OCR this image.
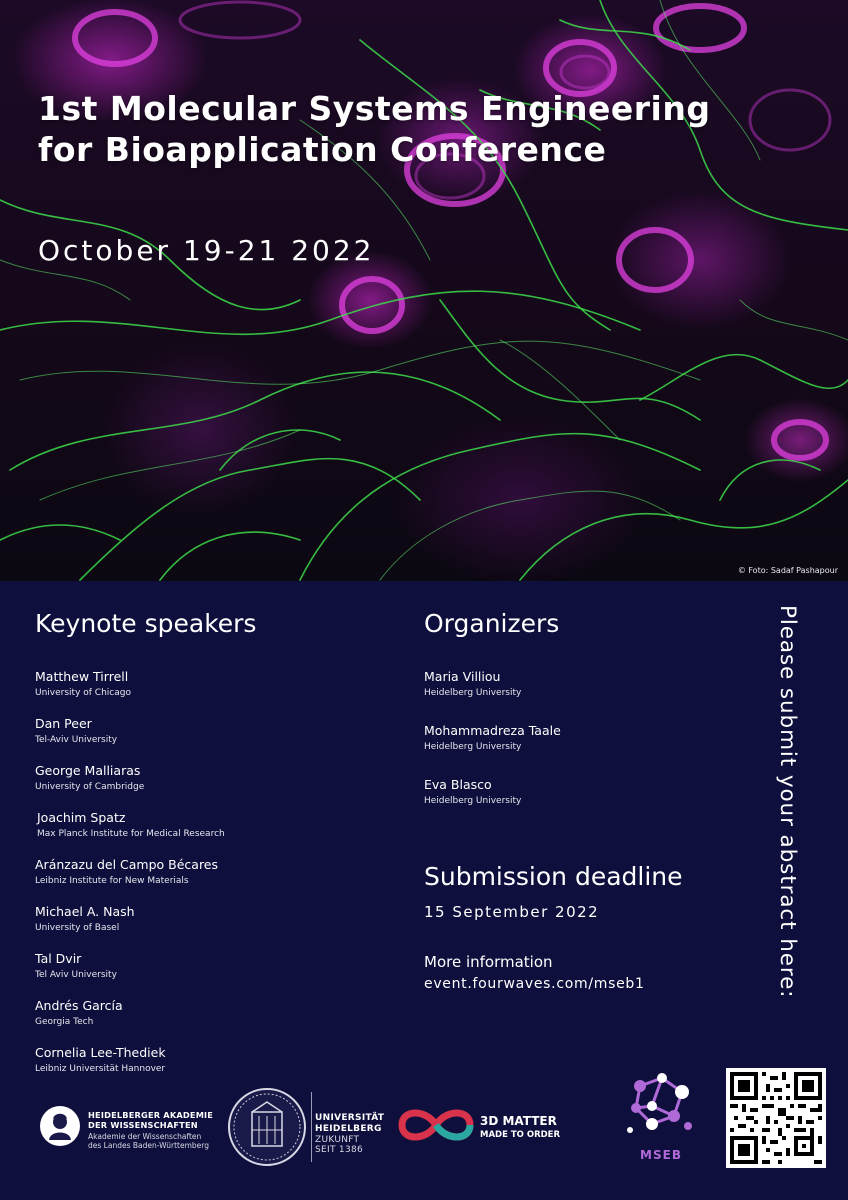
1st Molecular Systems Engineering
for Bioapplication Conference
October 19-21 2022
© Foto: Sadaf Pashapour
Keynote speakers
Matthew Tirrell
University of Chicago
Dan Peer
Tel-Aviv University
George Malliaras
University of Cambridge
Joachim Spatz
Max Planck Institute for Medical Research
Aránzazu del Campo Bécares
Leibniz Institute for New Materials
Michael A. Nash
University of Basel
Tal Dvir
Tel Aviv University
Andrés García
Georgia Tech
Cornelia Lee-Thediek
Leibniz Universität Hannover
Organizers
Maria Villiou
Heidelberg University
Mohammadreza Taale
Heidelberg University
Eva Blasco
Heidelberg University
Submission deadline
15 September 2022
More information
event.fourwaves.com/mseb1	Please submit your abstract here:
HEIDELBERGER AKADEMIE
DER WISSENSCHAFTEN
Akademie der Wissenschaften
des Landes Baden-Württemberg
UNIVERSITÄT
HEIDELBERG
ZUKUNFT
SEIT 1386
3D MATTER
MADE TO ORDER
MSEB
